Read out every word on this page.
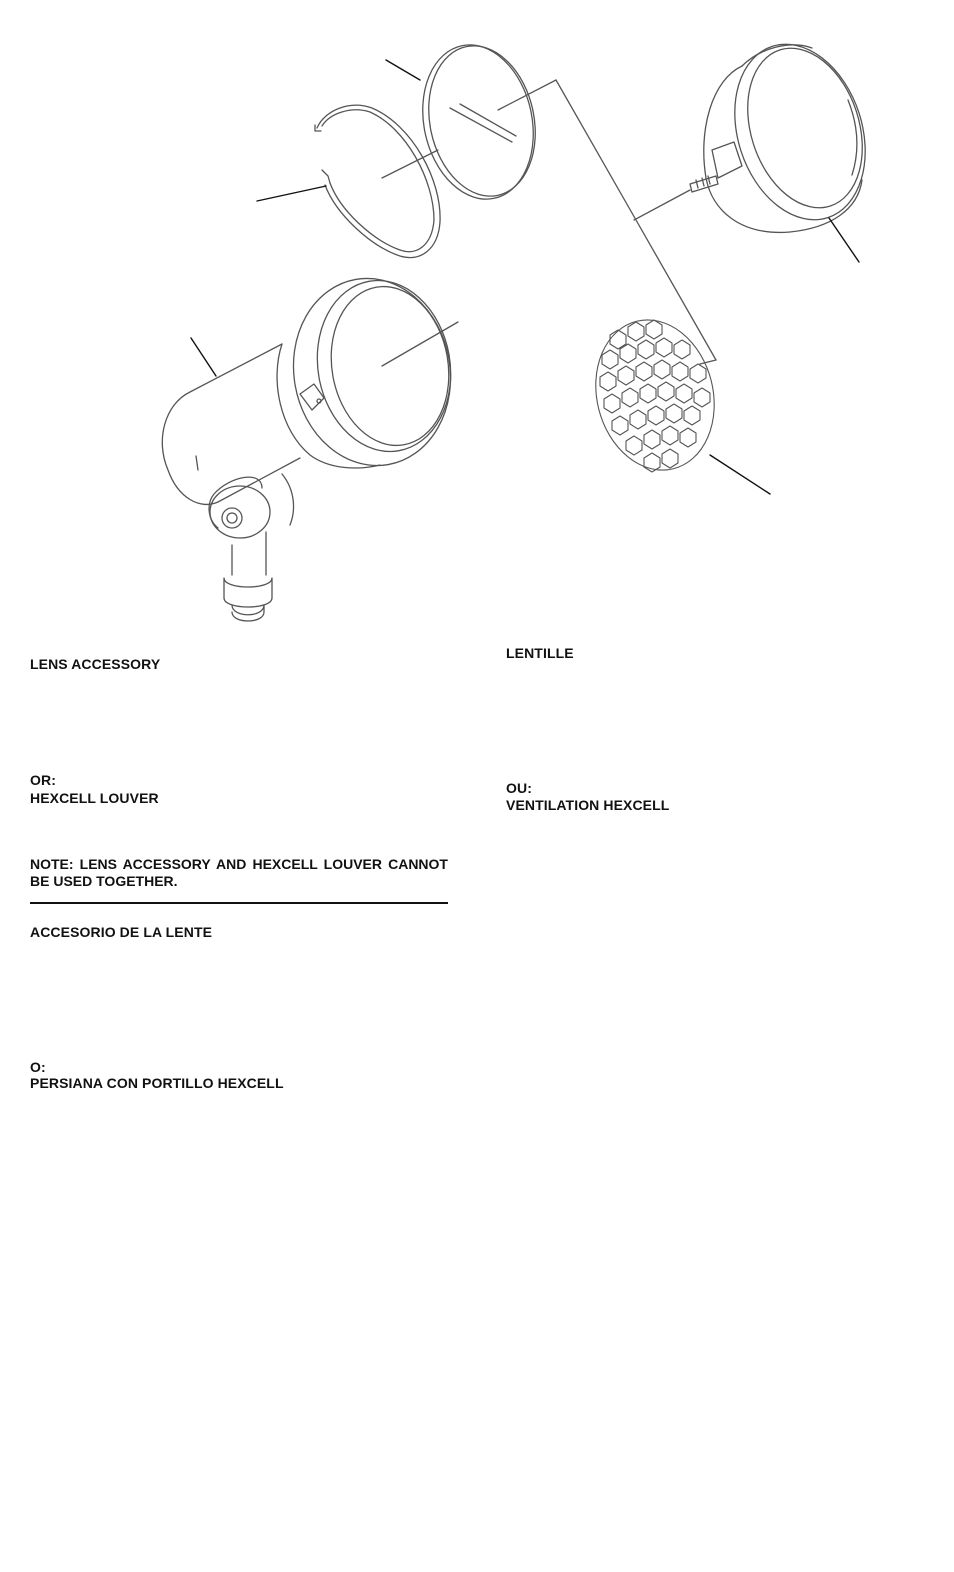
LENS ACCESSORY

OR:

HEXCELL LOUVER

NOTE: LENS ACCESSORY AND HEXCELL LOUVER CANNOT BE USED TOGETHER.

LENTILLE

OU:

VENTILATION HEXCELL

ACCESORIO DE LA LENTE

O:

PERSIANA CON PORTILLO HEXCELL
